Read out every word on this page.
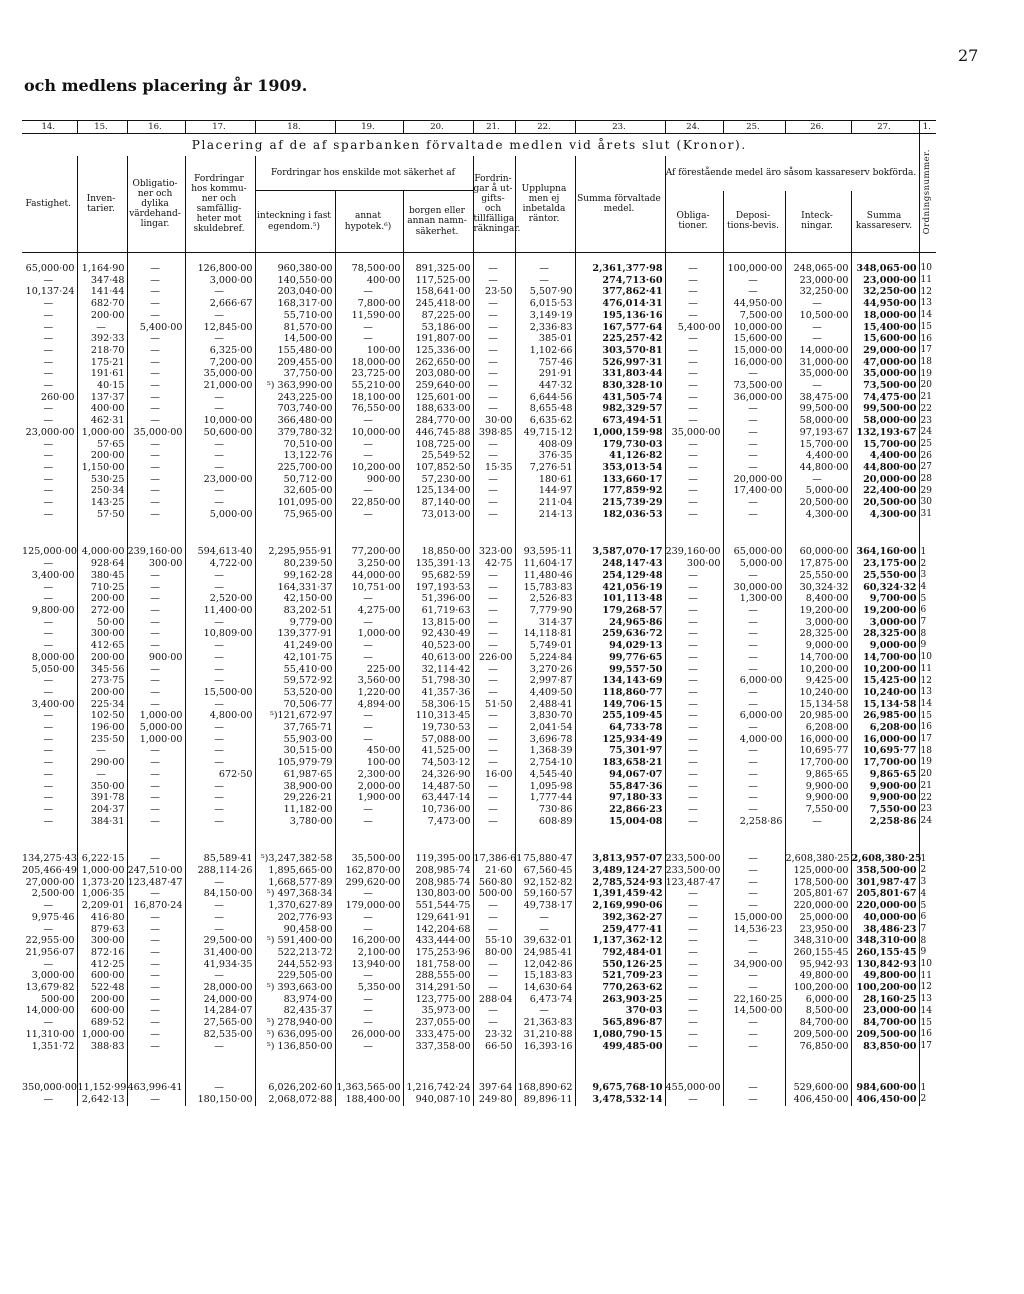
27
och medlens placering år 1909.
14.	15.	16.	17.	18.	19.	20.	21.	22.	23.	24.	25.	26.	27.	1.
Placering af de af sparbanken förvaltade medlen vid årets slut (Kronor).														Ordningsnummer.
Fastighet.	Inven-tarier.	Obligatio-ner och dylika värdehand-lingar.	Fordringar hos kommu-ner och samfällig-heter mot skuldebref.	Fordringar hos enskilde mot säkerhet af			Fordrin-gar å ut-gifts- och tillfälliga räkningar.	Upplupna men ej inbetalda räntor.	Summa förvaltade medel.	Af förestående medel äro såsom kassareserv bokförda.				
				inteckning i fast egendom.⁵)	annat hypotek.⁶)	borgen eller annan namn-säkerhet.				Obliga-tioner.	Deposi-tions-bevis.	Inteck-ningar.	Summa kassareserv.	

65,000·00	1,164·90	—	126,800·00	960,380·00	78,500·00	891,325·00	—	—	2,361,377·98	—	100,000·00	248,065·00	348,065·00	10
—	347·48	—	3,000·00	140,550·00	400·00	117,525·00	—	—	274,713·60	—	—	23,000·00	23,000·00	11
10,137·24	141·44	—	—	203,040·00	—	158,641·00	23·50	5,507·90	377,862·41	—	—	32,250·00	32,250·00	12
—	682·70	—	2,666·67	168,317·00	7,800·00	245,418·00	—	6,015·53	476,014·31	—	44,950·00	—	44,950·00	13
—	200·00	—	—	55,710·00	11,590·00	87,225·00	—	3,149·19	195,136·16	—	7,500·00	10,500·00	18,000·00	14
—	—	5,400·00	12,845·00	81,570·00	—	53,186·00	—	2,336·83	167,577·64	5,400·00	10,000·00	—	15,400·00	15
—	392·33	—	—	14,500·00	—	191,807·00	—	385·01	225,257·42	—	15,600·00	—	15,600·00	16
—	218·70	—	6,325·00	155,480·00	100·00	125,336·00	—	1,102·66	303,570·81	—	15,000·00	14,000·00	29,000·00	17
—	175·21	—	7,200·00	209,455·00	18,000·00	262,650·00	—	757·46	526,997·31	—	16,000·00	31,000·00	47,000·00	18
—	191·61	—	35,000·00	37,750·00	23,725·00	203,080·00	—	291·91	331,803·44	—	—	35,000·00	35,000·00	19
—	40·15	—	21,000·00	⁵) 363,990·00	55,210·00	259,640·00	—	447·32	830,328·10	—	73,500·00	—	73,500·00	20
260·00	137·37	—	—	243,225·00	18,100·00	125,601·00	—	6,644·56	431,505·74	—	36,000·00	38,475·00	74,475·00	21
—	400·00	—	—	703,740·00	76,550·00	188,633·00	—	8,655·48	982,329·57	—	—	99,500·00	99,500·00	22
—	462·31	—	10,000·00	366,480·00	—	284,770·00	30·00	6,635·62	673,494·51	—	—	58,000·00	58,000·00	23
23,000·00	1,000·00	35,000·00	50,600·00	379,780·32	10,000·00	446,745·88	398·85	49,715·12	1,000,159·98	35,000·00	—	97,193·67	132,193·67	24
—	57·65	—	—	70,510·00	—	108,725·00	—	408·09	179,730·03	—	—	15,700·00	15,700·00	25
—	200·00	—	—	13,122·76	—	25,549·52	—	376·35	41,126·82	—	—	4,400·00	4,400·00	26
—	1,150·00	—	—	225,700·00	10,200·00	107,852·50	15·35	7,276·51	353,013·54	—	—	44,800·00	44,800·00	27
—	530·25	—	23,000·00	50,712·00	900·00	57,230·00	—	180·61	133,660·17	—	20,000·00	—	20,000·00	28
—	250·34	—	—	32,605·00	—	125,134·00	—	144·97	177,859·92	—	17,400·00	5,000·00	22,400·00	29
—	143·25	—	—	101,095·00	22,850·00	87,140·00	—	211·04	215,739·29	—	—	20,500·00	20,500·00	30
—	57·50	—	5,000·00	75,965·00	—	73,013·00	—	214·13	182,036·53	—	—	4,300·00	4,300·00	31

125,000·00	4,000·00	239,160·00	594,613·40	2,295,955·91	77,200·00	18,850·00	323·00	93,595·11	3,587,070·17	239,160·00	65,000·00	60,000·00	364,160·00	1
—	928·64	300·00	4,722·00	80,239·50	3,250·00	135,391·13	42·75	11,604·17	248,147·43	300·00	5,000·00	17,875·00	23,175·00	2
3,400·00	380·45	—	—	99,162·28	44,000·00	95,682·59	—	11,480·46	254,129·48	—	—	25,550·00	25,550·00	3
—	710·25	—	—	164,331·37	10,751·00	197,193·53	—	15,783·83	421,056·19	—	30,000·00	30,324·32	60,324·32	4
—	200·00	—	2,520·00	42,150·00	—	51,396·00	—	2,526·83	101,113·48	—	1,300·00	8,400·00	9,700·00	5
9,800·00	272·00	—	11,400·00	83,202·51	4,275·00	61,719·63	—	7,779·90	179,268·57	—	—	19,200·00	19,200·00	6
—	50·00	—	—	9,779·00	—	13,815·00	—	314·37	24,965·86	—	—	3,000·00	3,000·00	7
—	300·00	—	10,809·00	139,377·91	1,000·00	92,430·49	—	14,118·81	259,636·72	—	—	28,325·00	28,325·00	8
—	412·65	—	—	41,249·00	—	40,523·00	—	5,749·01	94,029·13	—	—	9,000·00	9,000·00	9
8,000·00	200·00	900·00	—	42,101·75	—	40,613·00	226·00	5,224·84	99,776·65	—	—	14,700·00	14,700·00	10
5,050·00	345·56	—	—	55,410·00	225·00	32,114·42	—	3,270·26	99,557·50	—	—	10,200·00	10,200·00	11
—	273·75	—	—	59,572·92	3,560·00	51,798·30	—	2,997·87	134,143·69	—	6,000·00	9,425·00	15,425·00	12
—	200·00	—	15,500·00	53,520·00	1,220·00	41,357·36	—	4,409·50	118,860·77	—	—	10,240·00	10,240·00	13
3,400·00	225·34	—	—	70,506·77	4,894·00	58,306·15	51·50	2,488·41	149,706·15	—	—	15,134·58	15,134·58	14
—	102·50	1,000·00	4,800·00	⁵)121,672·97	—	110,313·45	—	3,830·70	255,109·45	—	6,000·00	20,985·00	26,985·00	15
—	196·00	5,000·00	—	37,765·71	—	19,730·53	—	2,041·54	64,733·78	—	—	6,208·00	6,208·00	16
—	235·50	1,000·00	—	55,903·00	—	57,088·00	—	3,696·78	125,934·49	—	4,000·00	16,000·00	16,000·00	17
—	—	—	—	30,515·00	450·00	41,525·00	—	1,368·39	75,301·97	—	—	10,695·77	10,695·77	18
—	290·00	—	—	105,979·79	100·00	74,503·12	—	2,754·10	183,658·21	—	—	17,700·00	17,700·00	19
—	—	—	672·50	61,987·65	2,300·00	24,326·90	16·00	4,545·40	94,067·07	—	—	9,865·65	9,865·65	20
—	350·00	—	—	38,900·00	2,000·00	14,487·50	—	1,095·98	55,847·36	—	—	9,900·00	9,900·00	21
—	391·78	—	—	29,226·21	1,900·00	63,447·14	—	1,777·44	97,180·33	—	—	9,900·00	9,900·00	22
—	204·37	—	—	11,182·00	—	10,736·00	—	730·86	22,866·23	—	—	7,550·00	7,550·00	23
—	384·31	—	—	3,780·00	—	7,473·00	—	608·89	15,004·08	—	2,258·86	—	2,258·86	24

134,275·43	6,222·15	—	85,589·41	⁵)3,247,382·58	35,500·00	119,395·00	17,386·61	75,880·47	3,813,957·07	233,500·00	—	2,608,380·25	2,608,380·25	1
205,466·49	1,000·00	247,510·00	288,114·26	1,895,665·00	162,870·00	208,985·74	21·60	67,560·45	3,489,124·27	233,500·00	—	125,000·00	358,500·00	2
27,000·00	1,373·20	123,487·47	—	1,668,577·89	299,620·00	208,985·74	560·80	92,152·82	2,785,524·93	123,487·47	—	178,500·00	301,987·47	3
2,500·00	1,006·35	—	84,150·00	⁵) 497,368·34	—	130,803·00	500·00	59,160·57	1,391,459·42	—	—	205,801·67	205,801·67	4
—	2,209·01	16,870·24	—	1,370,627·89	179,000·00	551,544·75	—	49,738·17	2,169,990·06	—	—	220,000·00	220,000·00	5
9,975·46	416·80	—	—	202,776·93	—	129,641·91	—	—	392,362·27	—	15,000·00	25,000·00	40,000·00	6
—	879·63	—	—	90,458·00	—	142,204·68	—	—	259,477·41	—	14,536·23	23,950·00	38,486·23	7
22,955·00	300·00	—	29,500·00	⁵) 591,400·00	16,200·00	433,444·00	55·10	39,632·01	1,137,362·12	—	—	348,310·00	348,310·00	8
21,956·07	872·16	—	31,400·00	522,213·72	2,100·00	175,253·96	80·00	24,985·41	792,484·01	—	—	260,155·45	260,155·45	9
—	412·25	—	41,934·35	244,552·93	13,940·00	181,758·00	—	12,042·86	550,126·25	—	34,900·00	95,942·93	130,842·93	10
3,000·00	600·00	—	—	229,505·00	—	288,555·00	—	15,183·83	521,709·23	—	—	49,800·00	49,800·00	11
13,679·82	522·48	—	28,000·00	⁵) 393,663·00	5,350·00	314,291·50	—	14,630·64	770,263·62	—	—	100,200·00	100,200·00	12
500·00	200·00	—	24,000·00	83,974·00	—	123,775·00	288·04	6,473·74	263,903·25	—	22,160·25	6,000·00	28,160·25	13
14,000·00	600·00	—	14,284·07	82,435·37	—	35,973·00	—	—	370·03	—	14,500·00	8,500·00	23,000·00	14
—	689·52	—	27,565·00	⁵) 278,940·00	—	237,055·00	—	21,363·83	565,896·87	—	—	84,700·00	84,700·00	15
11,310·00	1,000·00	—	82,535·00	⁵) 636,095·00	26,000·00	333,475·00	23·32	31,210·88	1,080,790·15	—	—	209,500·00	209,500·00	16
1,351·72	388·83	—	—	⁵) 136,850·00	—	337,358·00	66·50	16,393·16	499,485·00	—	—	76,850·00	83,850·00	17

350,000·00	11,152·99	463,996·41	—	6,026,202·60	1,363,565·00	1,216,742·24	397·64	168,890·62	9,675,768·10	455,000·00	—	529,600·00	984,600·00	1
—	2,642·13	—	180,150·00	2,068,072·88	188,400·00	940,087·10	249·80	89,896·11	3,478,532·14	—	—	406,450·00	406,450·00	2
